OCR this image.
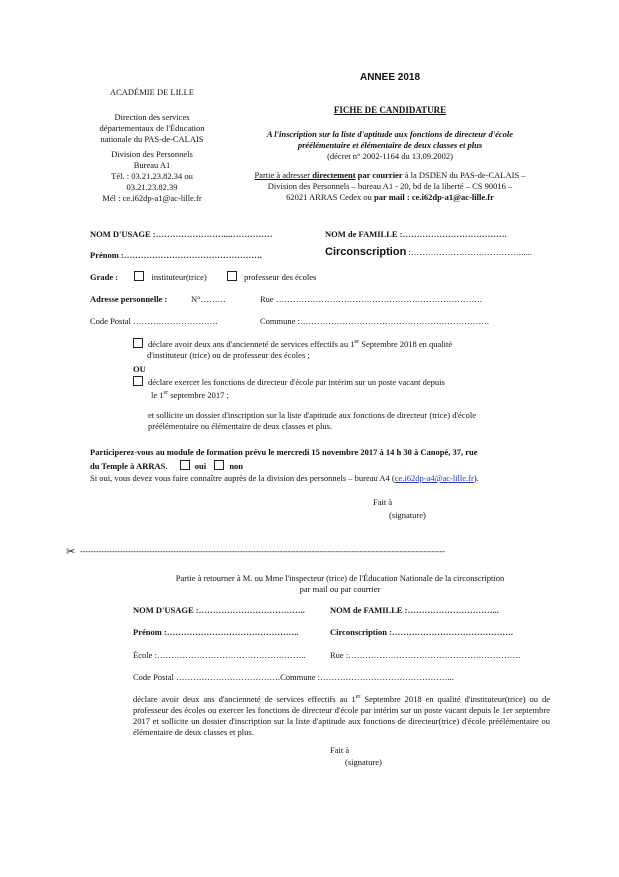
ACADÉMIE DE LILLE
Direction des services
départementaux de l'Éducation
nationale du PAS-de-CALAIS
Division des Personnels
Bureau A1
Tél. : 03.21.23.82.34 ou
03.21.23.82.39
Mél : ce.i62dp-a1@ac-lille.fr
ANNEE 2018
FICHE DE CANDIDATURE
A l'inscription sur la liste d'aptitude aux fonctions de directeur d'école
préélémentaire et élémentaire de deux classes et plus
(décret n° 2002-1164 du 13.09.2002)
Partie à adresser directement par courrier à la DSDEN du PAS-de-CALAIS –
Division des Personnels – bureau A1 - 20, bd de la liberté – CS 90016 –
62021 ARRAS Cedex ou par mail : ce.i62dp-a1@ac-lille.fr
NOM D'USAGE :……………………...……………	NOM de FAMILLE :……………………………….
Prénom :………………………………………….	Circonscription :………………………………….....
Grade :	instituteur(trice)	professeur des écoles
Adresse personnelle :	N°………	Rue ……………………………………………………………….
Code Postal …………………………	Commune :………………………………………………………….
déclare avoir deux ans d'ancienneté de services effectifs au 1er Septembre 2018 en qualité
d'instituteur (trice) ou de professeur des écoles ;
OU
déclare exercer les fonctions de directeur d'école par intérim sur un poste vacant depuis
le 1er septembre 2017 ;
et sollicite un dossier d'inscription sur la liste d'aptitude aux fonctions de directeur (trice) d'école
préélémentaire ou élémentaire de deux classes et plus.
Participerez-vous au module de formation prévu le mercredi 15 novembre 2017 à 14 h 30 à Canopé, 37, rue
du Temple à ARRAS.	oui	non
Si oui, vous devez vous faire connaître auprès de la division des personnels – bureau A4 (ce.i62dp-a4@ac-lille.fr).
Fait à
(signature)
✂ -----------------------------------------------------------------------------------------------------------------------------------------
Partie à retourner à M. ou Mme l'inspecteur (trice) de l'Éducation Nationale de la circonscription
par mail ou par courrier
NOM D'USAGE :………………………………..	NOM de FAMILLE :…………………………...
Prénom :………………………………………..	Circonscription :…………………………………….
École :……………………………………………..	Rue :…………………………………………………….
Code Postal ……………………………….Commune :………………………………………...
déclare avoir deux ans d'ancienneté de services effectifs au 1er Septembre 2018 en qualité d'instituteur(trice) ou de professeur des écoles ou exercer les fonctions de directeur d'école par intérim sur un poste vacant depuis le 1er septembre 2017 et sollicite un dossier d'inscription sur la liste d'aptitude aux fonctions de directeur(trice) d'école préélémentaire ou élémentaire de deux classes et plus.
Fait à
(signature)
